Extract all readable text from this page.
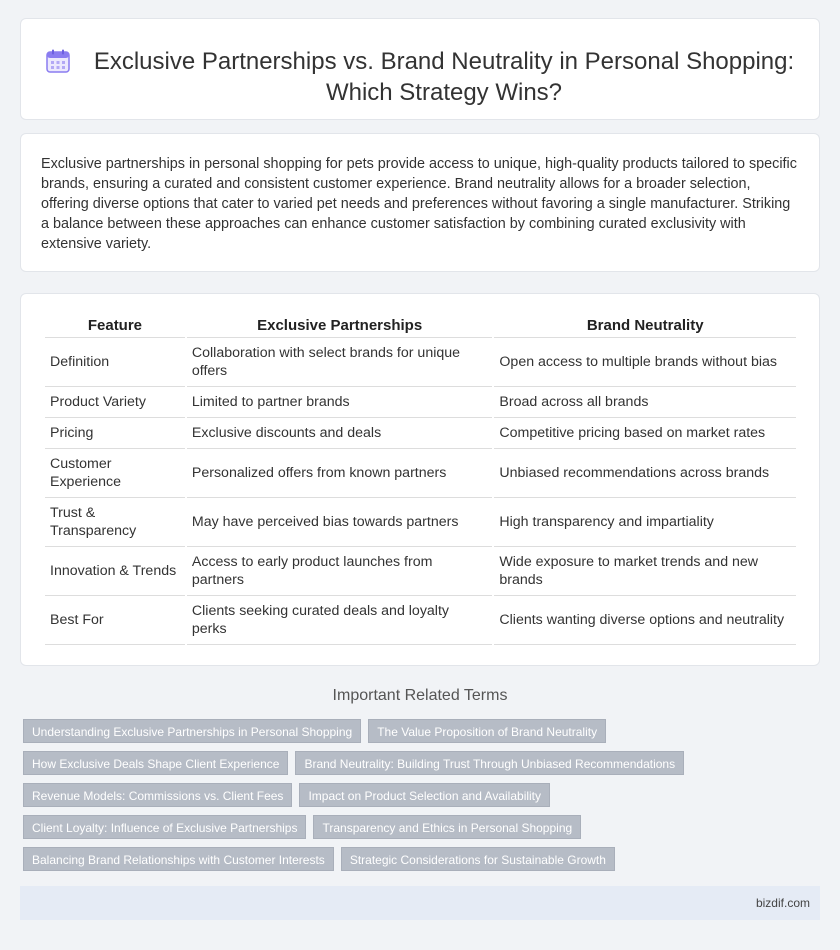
Exclusive Partnerships vs. Brand Neutrality in Personal Shopping: Which Strategy Wins?

Exclusive partnerships in personal shopping for pets provide access to unique, high-quality products tailored to specific brands, ensuring a curated and consistent customer experience. Brand neutrality allows for a broader selection, offering diverse options that cater to varied pet needs and preferences without favoring a single manufacturer. Striking a balance between these approaches can enhance customer satisfaction by combining curated exclusivity with extensive variety.

Feature	Exclusive Partnerships	Brand Neutrality
Definition	Collaboration with select brands for unique offers	Open access to multiple brands without bias
Product Variety	Limited to partner brands	Broad across all brands
Pricing	Exclusive discounts and deals	Competitive pricing based on market rates
Customer Experience	Personalized offers from known partners	Unbiased recommendations across brands
Trust & Transparency	May have perceived bias towards partners	High transparency and impartiality
Innovation & Trends	Access to early product launches from partners	Wide exposure to market trends and new brands
Best For	Clients seeking curated deals and loyalty perks	Clients wanting diverse options and neutrality
Important Related Terms
Understanding Exclusive Partnerships in Personal Shopping	The Value Proposition of Brand Neutrality
How Exclusive Deals Shape Client Experience	Brand Neutrality: Building Trust Through Unbiased Recommendations
Revenue Models: Commissions vs. Client Fees	Impact on Product Selection and Availability
Client Loyalty: Influence of Exclusive Partnerships	Transparency and Ethics in Personal Shopping
Balancing Brand Relationships with Customer Interests	Strategic Considerations for Sustainable Growth
bizdif.com
